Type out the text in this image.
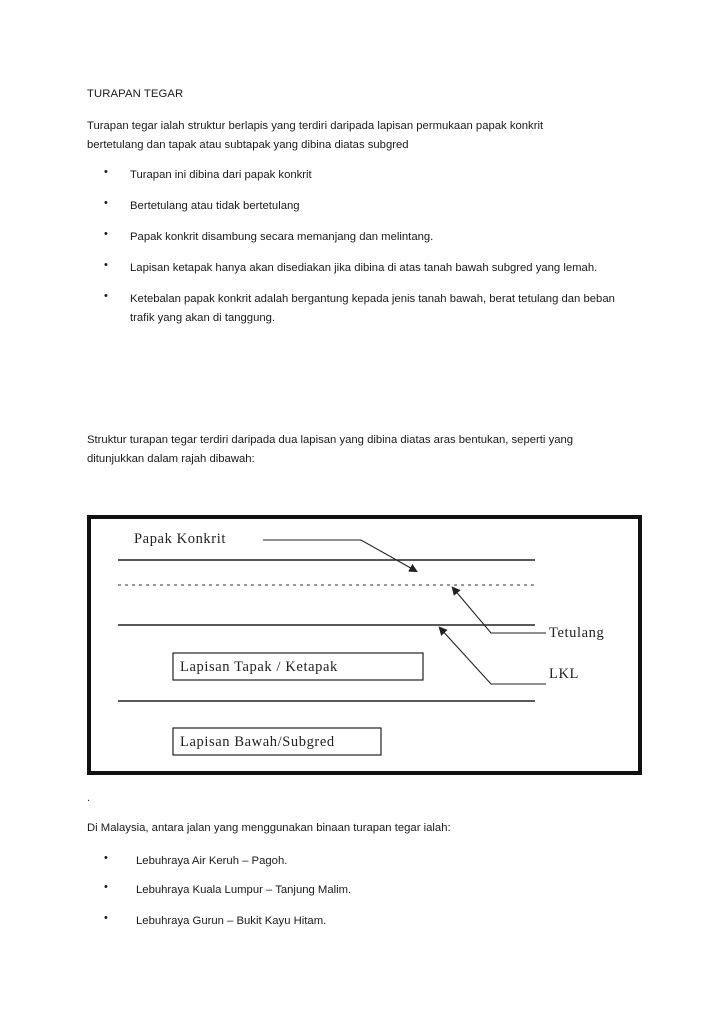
TURAPAN TEGAR

Turapan tegar ialah struktur berlapis yang terdiri daripada lapisan permukaan papak konkrit
bertetulang dan tapak atau subtapak yang dibina diatas subgred
• Turapan ini dibina dari papak konkrit
• Bertetulang atau tidak bertetulang
• Papak konkrit disambung secara memanjang dan melintang.
• Lapisan ketapak hanya akan disediakan jika dibina di atas tanah bawah subgred yang lemah.
• Ketebalan papak konkrit adalah bergantung kepada jenis tanah bawah, berat tetulang dan beban trafik yang akan di tanggung.
Struktur turapan tegar terdiri daripada dua lapisan yang dibina diatas aras bentukan, seperti yang
ditunjukkan dalam rajah dibawah:
Papak Konkrit
Tetulang
LKL
Lapisan Tapak / Ketapak
Lapisan Bawah/Subgred

.

Di Malaysia, antara jalan yang menggunakan binaan turapan tegar ialah:

• Lebuhraya Air Keruh – Pagoh.
• Lebuhraya Kuala Lumpur – Tanjung Malim.
• Lebuhraya Gurun – Bukit Kayu Hitam.
